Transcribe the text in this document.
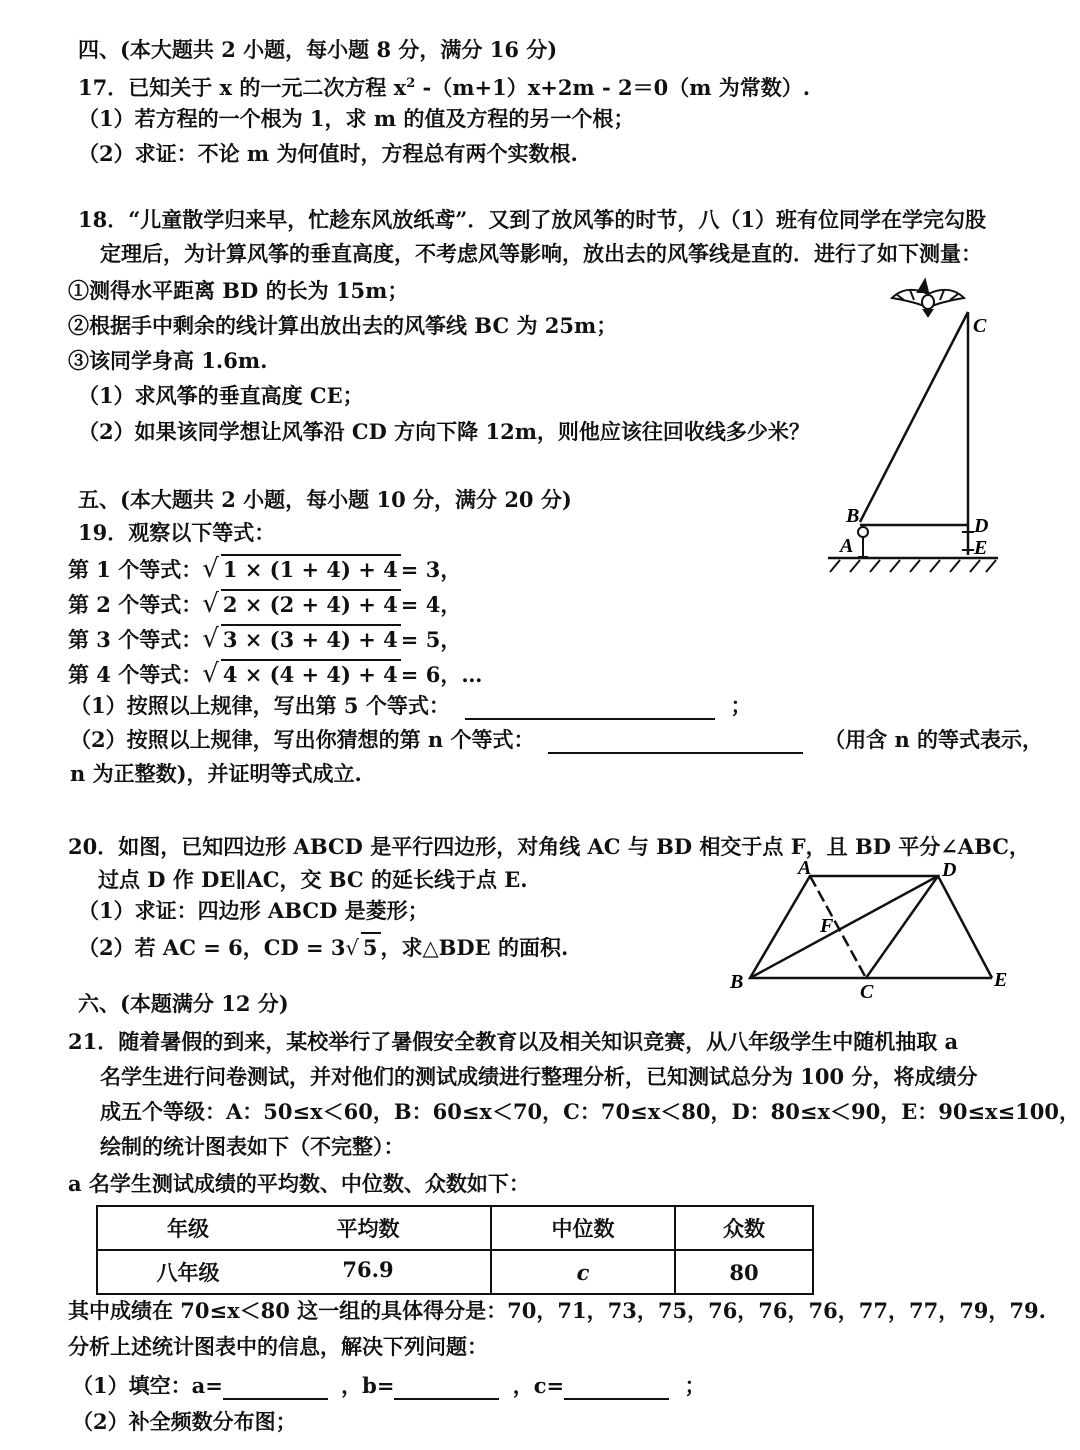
四、(本大题共 2 小题，每小题 8 分，满分 16 分)
17．已知关于 x 的一元二次方程 $x^2$ -（m+1）x+2m - 2＝0（m 为常数）.
（1）若方程的一个根为 1，求 m 的值及方程的另一个根；
（2）求证：不论 m 为何值时，方程总有两个实数根.
18．“儿童散学归来早，忙趁东风放纸鸢”．又到了放风筝的时节，八（1）班有位同学在学完勾股
定理后，为计算风筝的垂直高度，不考虑风等影响，放出去的风筝线是直的．进行了如下测量：
①测得水平距离 BD 的长为 15m；
②根据手中剩余的线计算出放出去的风筝线 BC 为 25m；
③该同学身高 1.6m.
（1）求风筝的垂直高度 CE；
（2）如果该同学想让风筝沿 CD 方向下降 12m，则他应该往回收线多少米？
C
B
A
D
E
五、(本大题共 2 小题，每小题 10 分，满分 20 分)
19．观察以下等式：
第 1 个等式：√ 1 × (1 + 4) + 4 = 3，
第 2 个等式：√ 2 × (2 + 4) + 4 = 4，
第 3 个等式：√ 3 × (3 + 4) + 4 = 5，
第 4 个等式：√ 4 × (4 + 4) + 4 = 6，…
（1）按照以上规律，写出第 5 个等式：	；
（2）按照以上规律，写出你猜想的第 n 个等式：	（用含 n 的等式表示，
n 为正整数)，并证明等式成立.
20．如图，已知四边形 ABCD 是平行四边形，对角线 AC 与 BD 相交于点 F，且 BD 平分∠ABC，
过点 D 作 DE∥AC，交 BC 的延长线于点 E.
（1）求证：四边形 ABCD 是菱形；
（2）若 AC = 6，CD = 3√ 5 ，求△BDE 的面积.
A	D
F
B	C
E
六、(本题满分 12 分)
21．随着暑假的到来，某校举行了暑假安全教育以及相关知识竞赛，从八年级学生中随机抽取 a
名学生进行问卷测试，并对他们的测试成绩进行整理分析，已知测试总分为 100 分，将成绩分
成五个等级：A：50≤x＜60，B：60≤x＜70，C：70≤x＜80，D：80≤x＜90，E：90≤x≤100，
绘制的统计图表如下（不完整）：
a 名学生测试成绩的平均数、中位数、众数如下：
年级 平均数	中位数	众数

八年级 76.9	c	80
其中成绩在 70≤x＜80 这一组的具体得分是：70，71，73，75，76，76，76，77，77，79，79.
分析上述统计图表中的信息，解决下列问题：
（1）填空：a=	，b=	，c=	；
（2）补全频数分布图；
